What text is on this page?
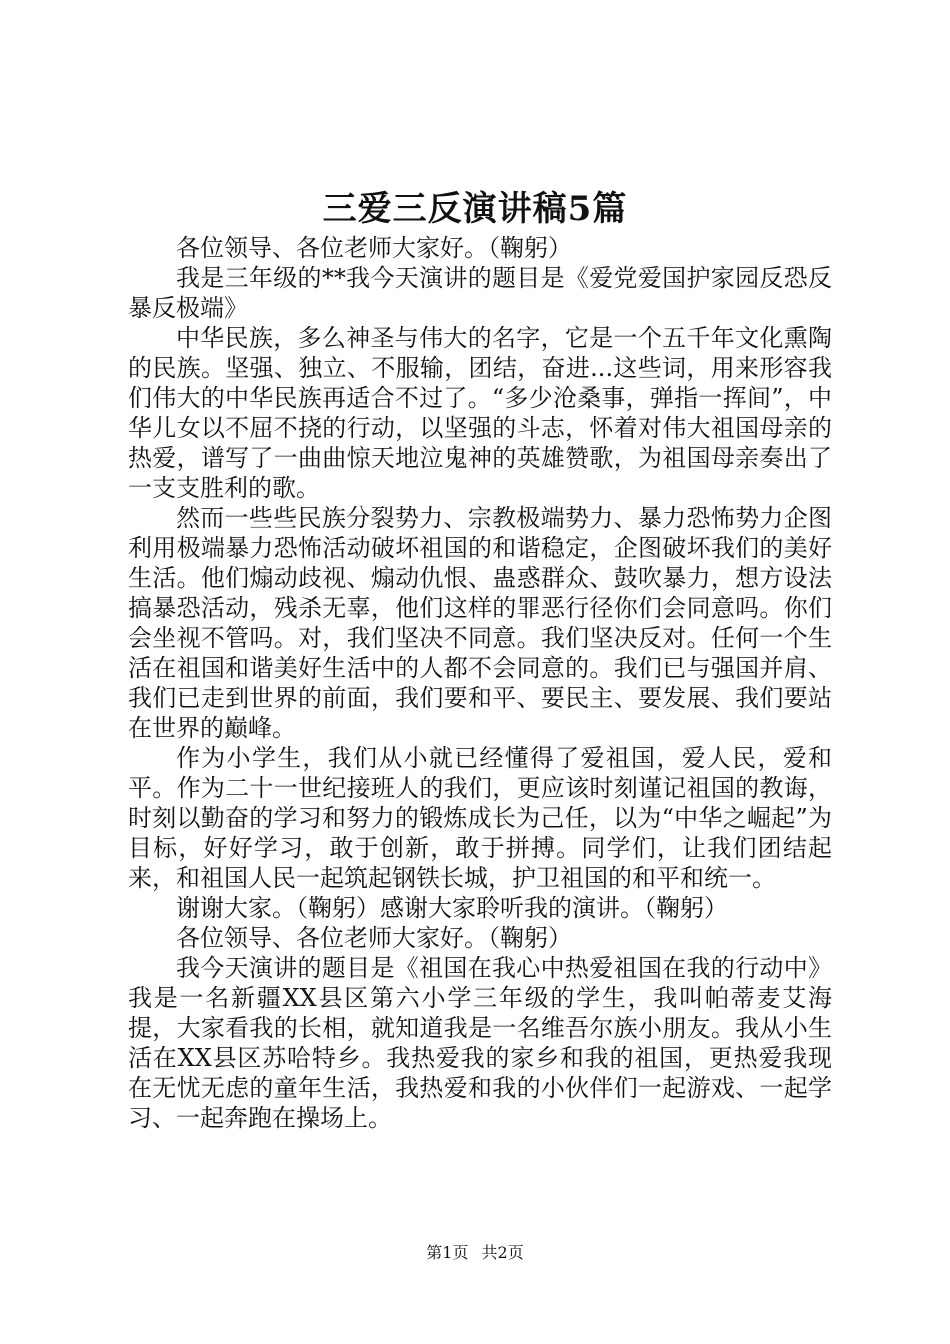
三爱三反演讲稿5篇

各位领导、各位老师大家好。（鞠躬）

我是三年级的**我今天演讲的题目是《爱党爱国护家园反恐反暴反极端》

中华民族，多么神圣与伟大的名字，它是一个五千年文化熏陶的民族。坚强、独立、不服输，团结，奋进...这些词，用来形容我们伟大的中华民族再适合不过了。“多少沧桑事，弹指一挥间”，中华儿女以不屈不挠的行动，以坚强的斗志，怀着对伟大祖国母亲的热爱，谱写了一曲曲惊天地泣鬼神的英雄赞歌，为祖国母亲奏出了一支支胜利的歌。

然而一些些民族分裂势力、宗教极端势力、暴力恐怖势力企图利用极端暴力恐怖活动破坏祖国的和谐稳定，企图破坏我们的美好生活。他们煽动歧视、煽动仇恨、蛊惑群众、鼓吹暴力，想方设法搞暴恐活动，残杀无辜，他们这样的罪恶行径你们会同意吗。你们会坐视不管吗。对，我们坚决不同意。我们坚决反对。任何一个生活在祖国和谐美好生活中的人都不会同意的。我们已与强国并肩、我们已走到世界的前面，我们要和平、要民主、要发展、我们要站在世界的巅峰。

作为小学生，我们从小就已经懂得了爱祖国，爱人民，爱和平。作为二十一世纪接班人的我们，更应该时刻谨记祖国的教诲，时刻以勤奋的学习和努力的锻炼成长为己任，以为“中华之崛起”为目标，好好学习，敢于创新，敢于拼搏。同学们，让我们团结起来，和祖国人民一起筑起钢铁长城，护卫祖国的和平和统一。

谢谢大家。（鞠躬）感谢大家聆听我的演讲。（鞠躬）

各位领导、各位老师大家好。（鞠躬）

我今天演讲的题目是《祖国在我心中热爱祖国在我的行动中》我是一名新疆XX县区第六小学三年级的学生，我叫帕蒂麦艾海提，大家看我的长相，就知道我是一名维吾尔族小朋友。我从小生活在XX县区苏哈特乡。我热爱我的家乡和我的祖国，更热爱我现在无忧无虑的童年生活，我热爱和我的小伙伴们一起游戏、一起学习、一起奔跑在操场上。

第1页 共2页
